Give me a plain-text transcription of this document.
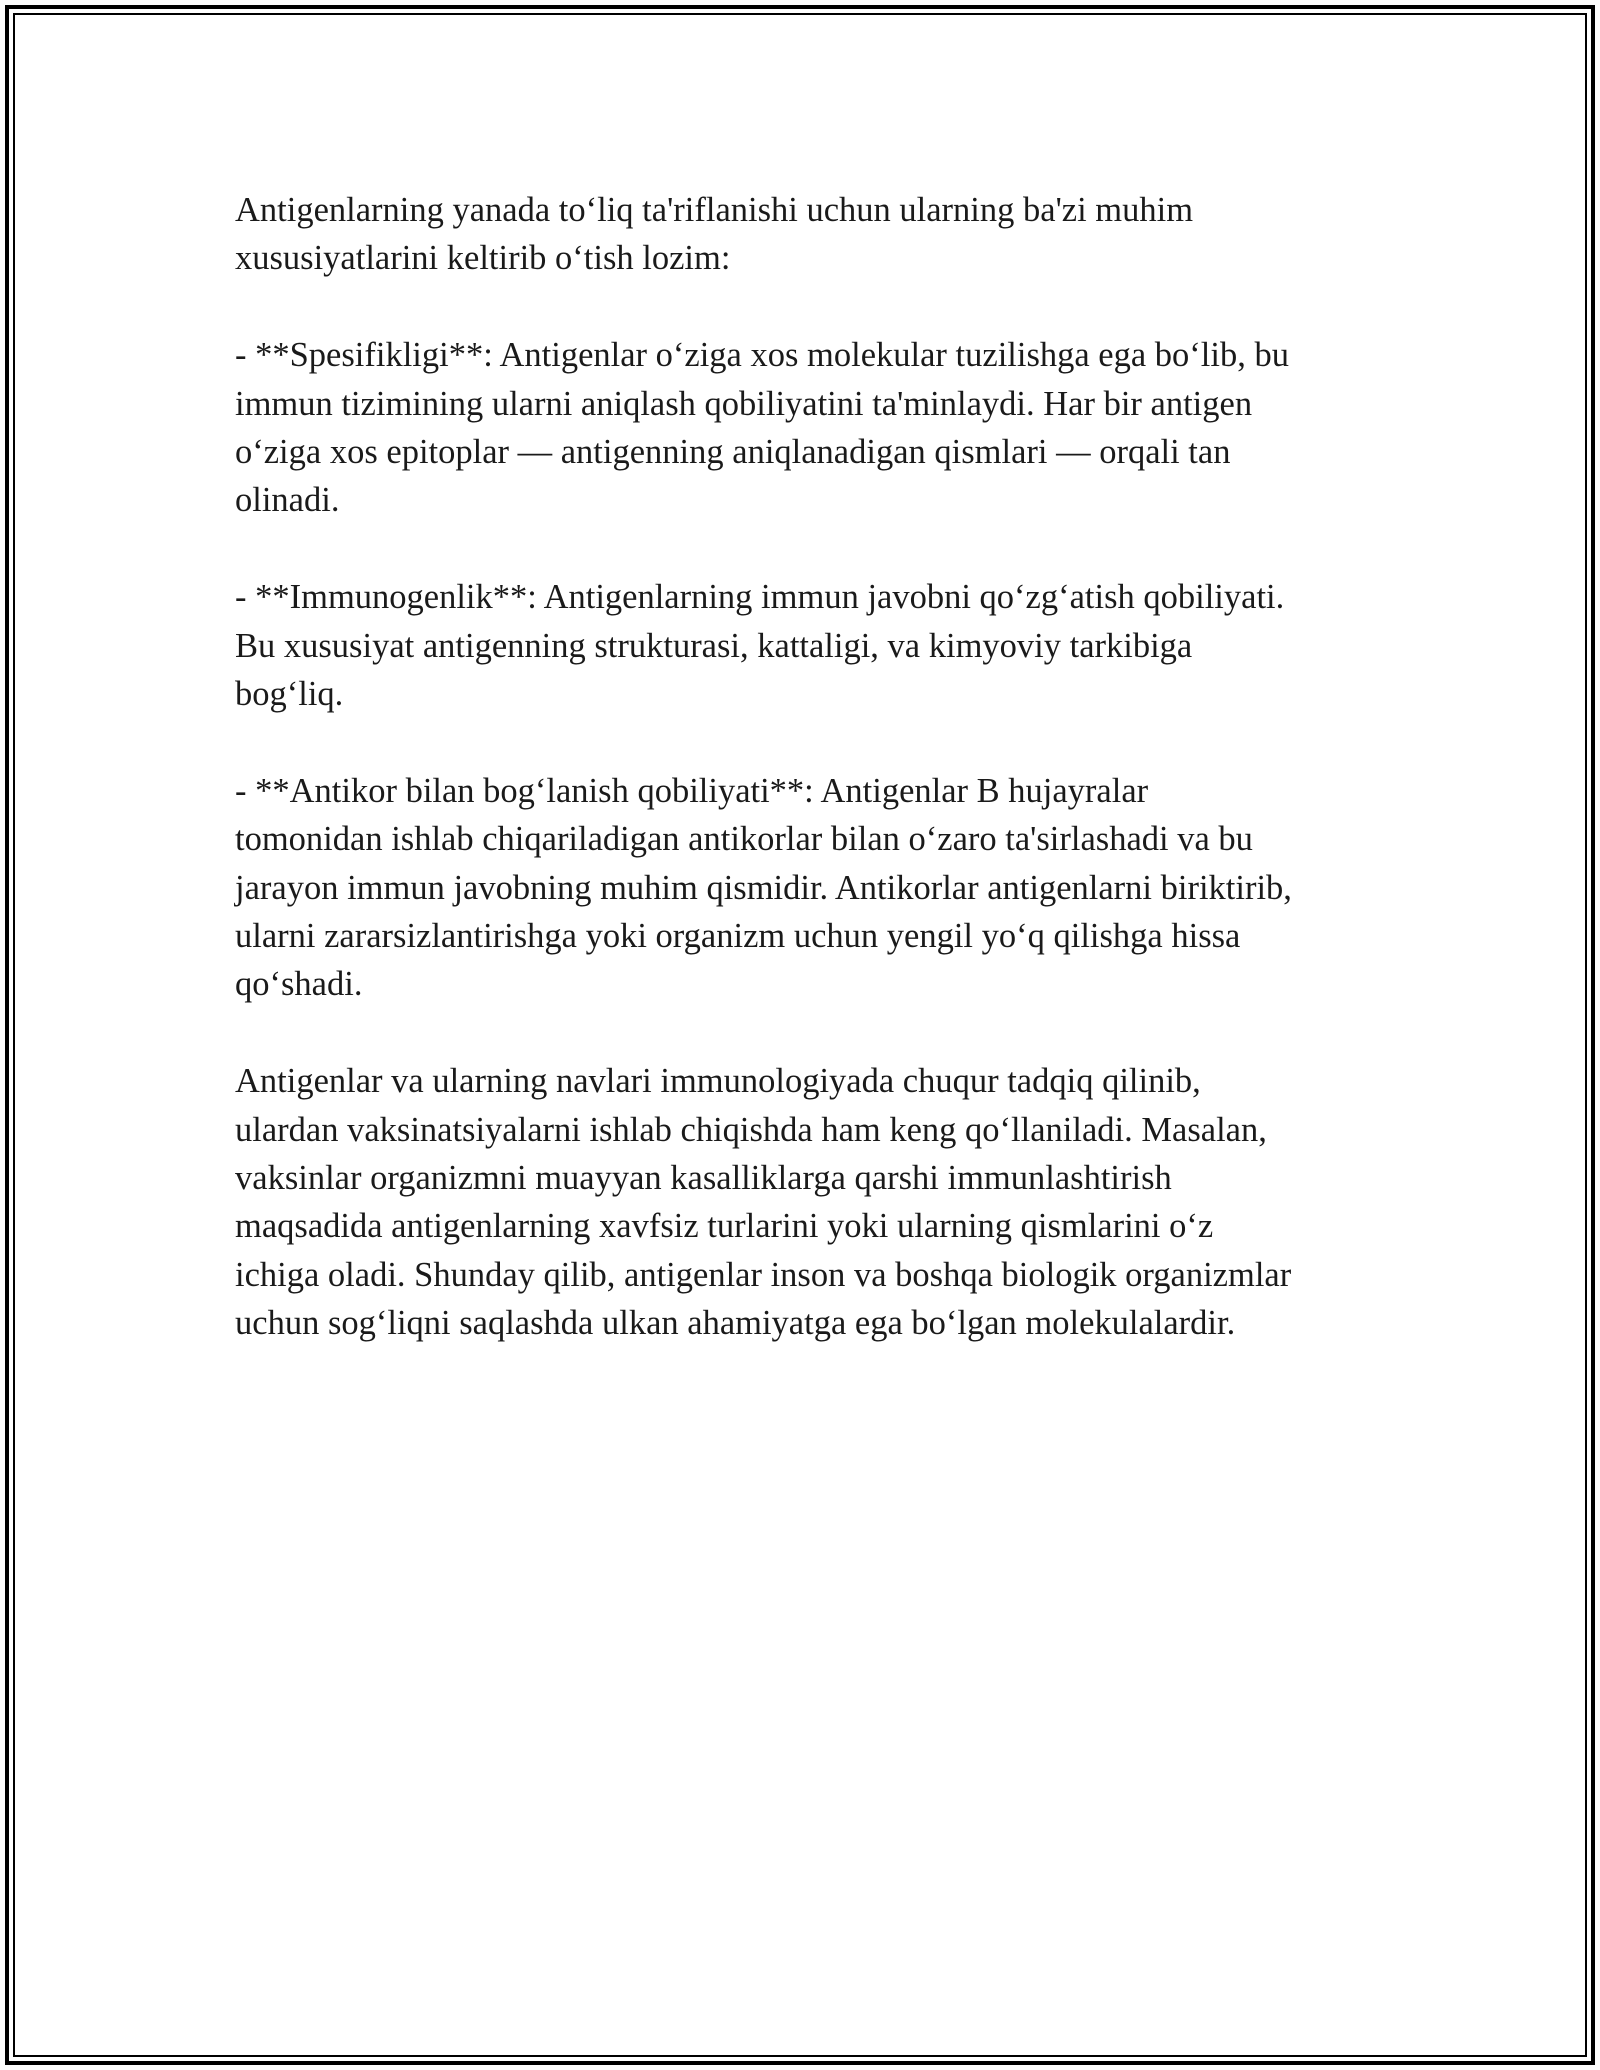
Antigenlarning yanada to‘liq ta'riflanishi uchun ularning ba'zi muhim
xususiyatlarini keltirib o‘tish lozim:

- **Spesifikligi**: Antigenlar o‘ziga xos molekular tuzilishga ega bo‘lib, bu
immun tizimining ularni aniqlash qobiliyatini ta'minlaydi. Har bir antigen
o‘ziga xos epitoplar — antigenning aniqlanadigan qismlari — orqali tan
olinadi.

- **Immunogenlik**: Antigenlarning immun javobni qo‘zg‘atish qobiliyati.
Bu xususiyat antigenning strukturasi, kattaligi, va kimyoviy tarkibiga
bog‘liq.

- **Antikor bilan bog‘lanish qobiliyati**: Antigenlar B hujayralar
tomonidan ishlab chiqariladigan antikorlar bilan o‘zaro ta'sirlashadi va bu
jarayon immun javobning muhim qismidir. Antikorlar antigenlarni biriktirib,
ularni zararsizlantirishga yoki organizm uchun yengil yo‘q qilishga hissa
qo‘shadi.

Antigenlar va ularning navlari immunologiyada chuqur tadqiq qilinib,
ulardan vaksinatsiyalarni ishlab chiqishda ham keng qo‘llaniladi. Masalan,
vaksinlar organizmni muayyan kasalliklarga qarshi immunlashtirish
maqsadida antigenlarning xavfsiz turlarini yoki ularning qismlarini o‘z
ichiga oladi. Shunday qilib, antigenlar inson va boshqa biologik organizmlar
uchun sog‘liqni saqlashda ulkan ahamiyatga ega bo‘lgan molekulalardir.
